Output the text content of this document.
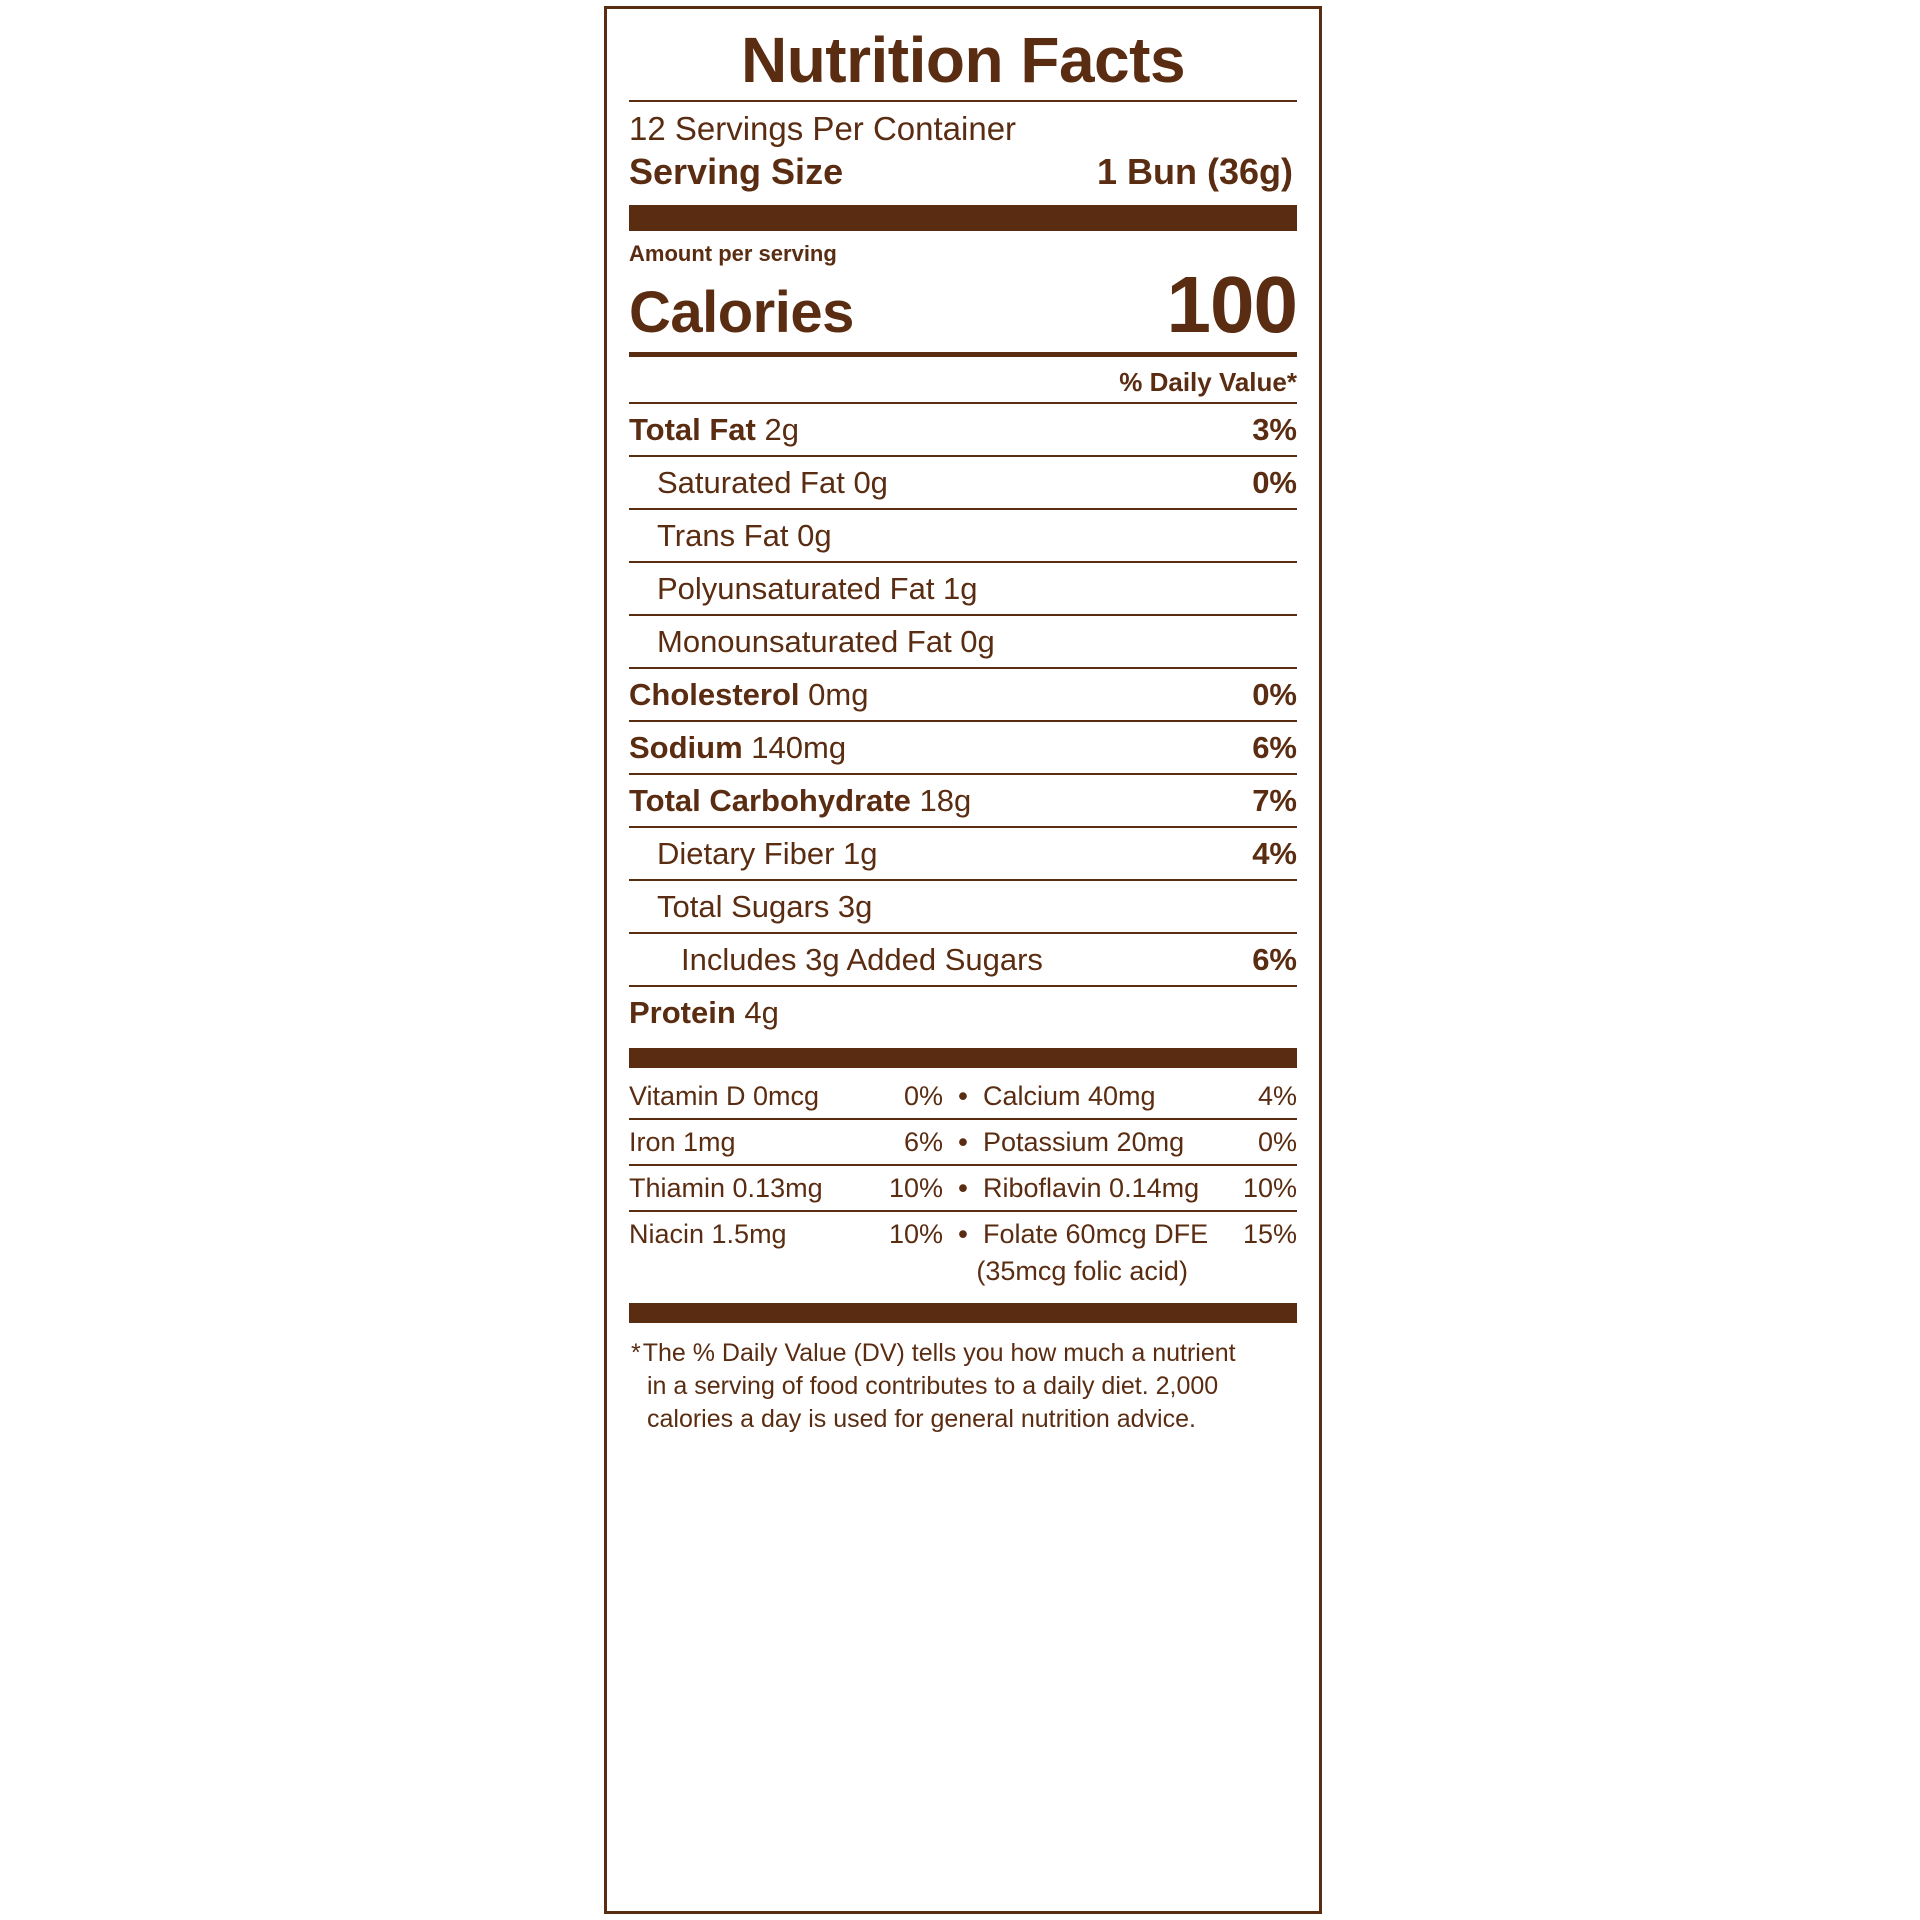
Nutrition Facts
12 Servings Per Container
Serving Size	1 Bun (36g)
Amount per serving
Calories	100
% Daily Value*
Total Fat 2g	3%
Saturated Fat 0g	0%
Trans Fat 0g
Polyunsaturated Fat 1g
Monounsaturated Fat 0g
Cholesterol 0mg	0%
Sodium 140mg	6%
Total Carbohydrate 18g	7%
Dietary Fiber 1g	4%
Total Sugars 3g
Includes 3g Added Sugars	6%
Protein 4g
Vitamin D 0mcg	0% • Calcium 40mg	4%
Iron 1mg	6% • Potassium 20mg	0%
Thiamin 0.13mg 10% • Riboflavin 0.14mg 10%
Niacin 1.5mg	10% • Folate 60mcg DFE 15%
(35mcg folic acid)
*The % Daily Value (DV) tells you how much a nutrient
in a serving of food contributes to a daily diet. 2,000
calories a day is used for general nutrition advice.
